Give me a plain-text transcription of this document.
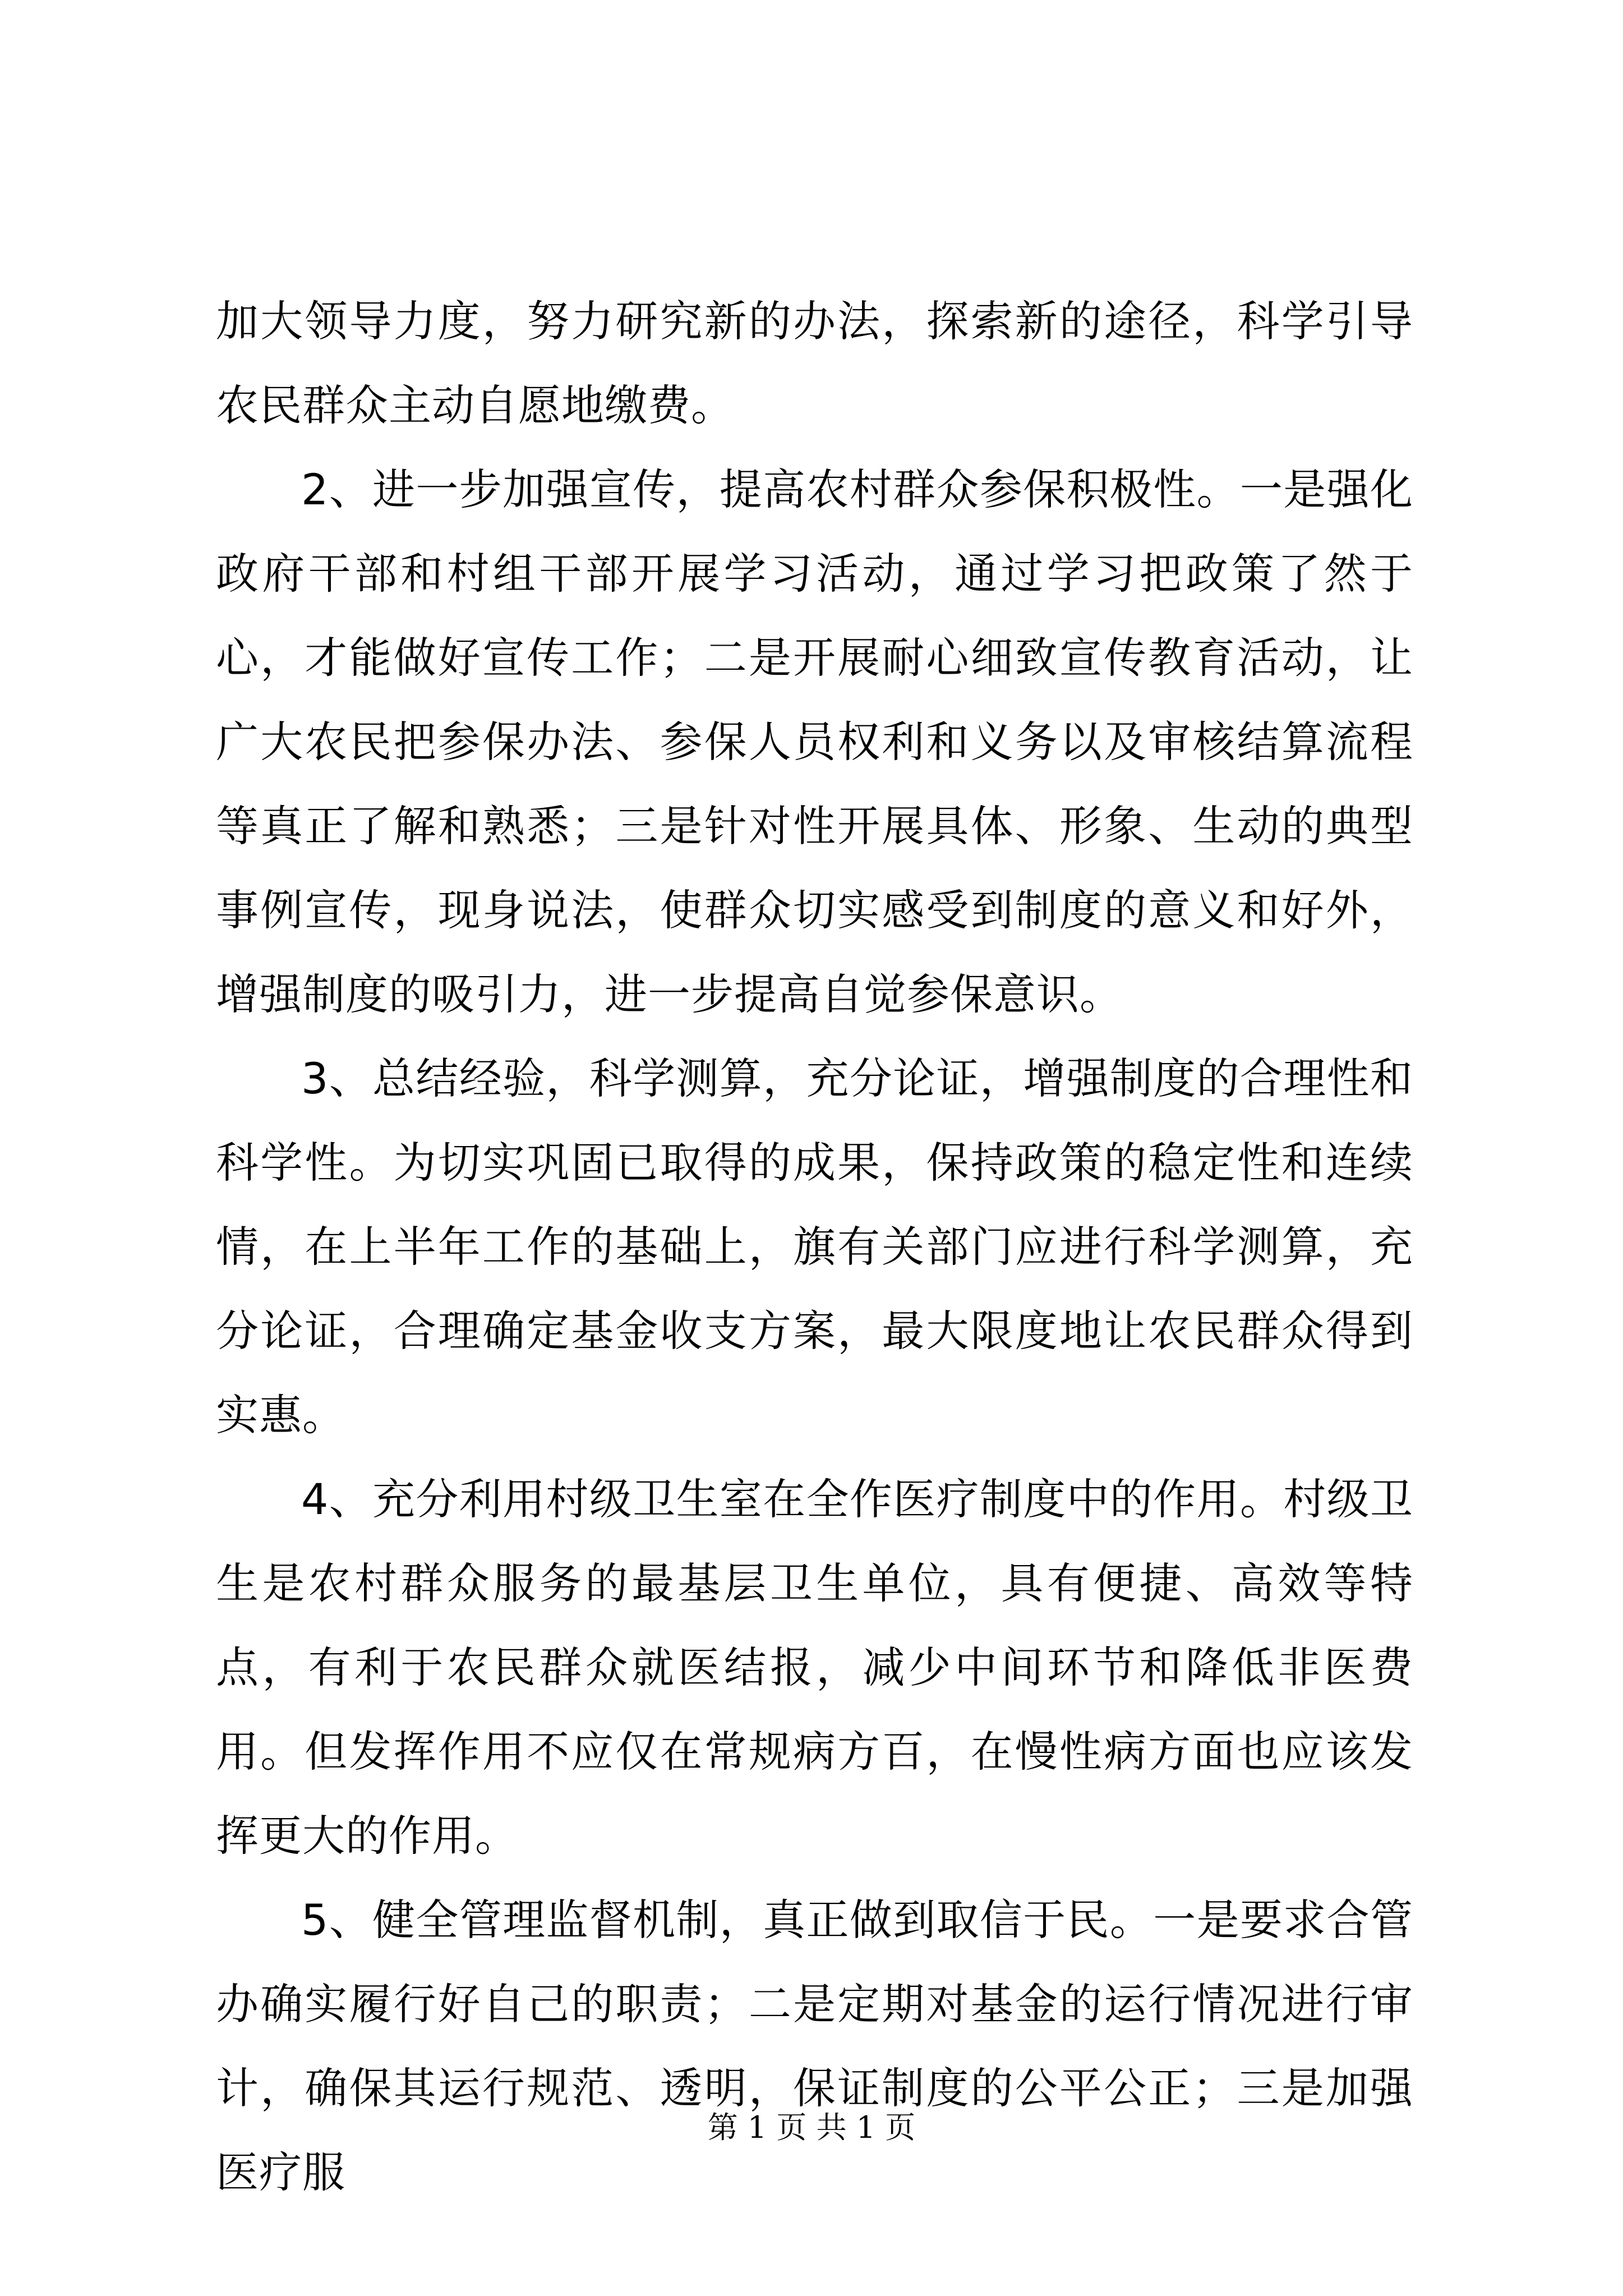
加大领导力度，努力研究新的办法，探索新的途径，科学引导农民群众主动自愿地缴费。

2、进一步加强宣传，提高农村群众参保积极性。一是强化政府干部和村组干部开展学习活动，通过学习把政策了然于心，才能做好宣传工作；二是开展耐心细致宣传教育活动，让广大农民把参保办法、参保人员权利和义务以及审核结算流程等真正了解和熟悉；三是针对性开展具体、形象、生动的典型事例宣传，现身说法，使群众切实感受到制度的意义和好外，增强制度的吸引力，进一步提高自觉参保意识。

3、总结经验，科学测算，充分论证，增强制度的合理性和科学性。为切实巩固已取得的成果，保持政策的稳定性和连续情，在上半年工作的基础上，旗有关部门应进行科学测算，充分论证，合理确定基金收支方案，最大限度地让农民群众得到实惠。

4、充分利用村级卫生室在全作医疗制度中的作用。村级卫生是农村群众服务的最基层卫生单位，具有便捷、高效等特点，有利于农民群众就医结报，减少中间环节和降低非医费用。但发挥作用不应仅在常规病方百，在慢性病方面也应该发挥更大的作用。

5、健全管理监督机制，真正做到取信于民。一是要求合管办确实履行好自己的职责；二是定期对基金的运行情况进行审计，确保其运行规范、透明，保证制度的公平公正；三是加强医疗服

第 1 页 共 1 页
